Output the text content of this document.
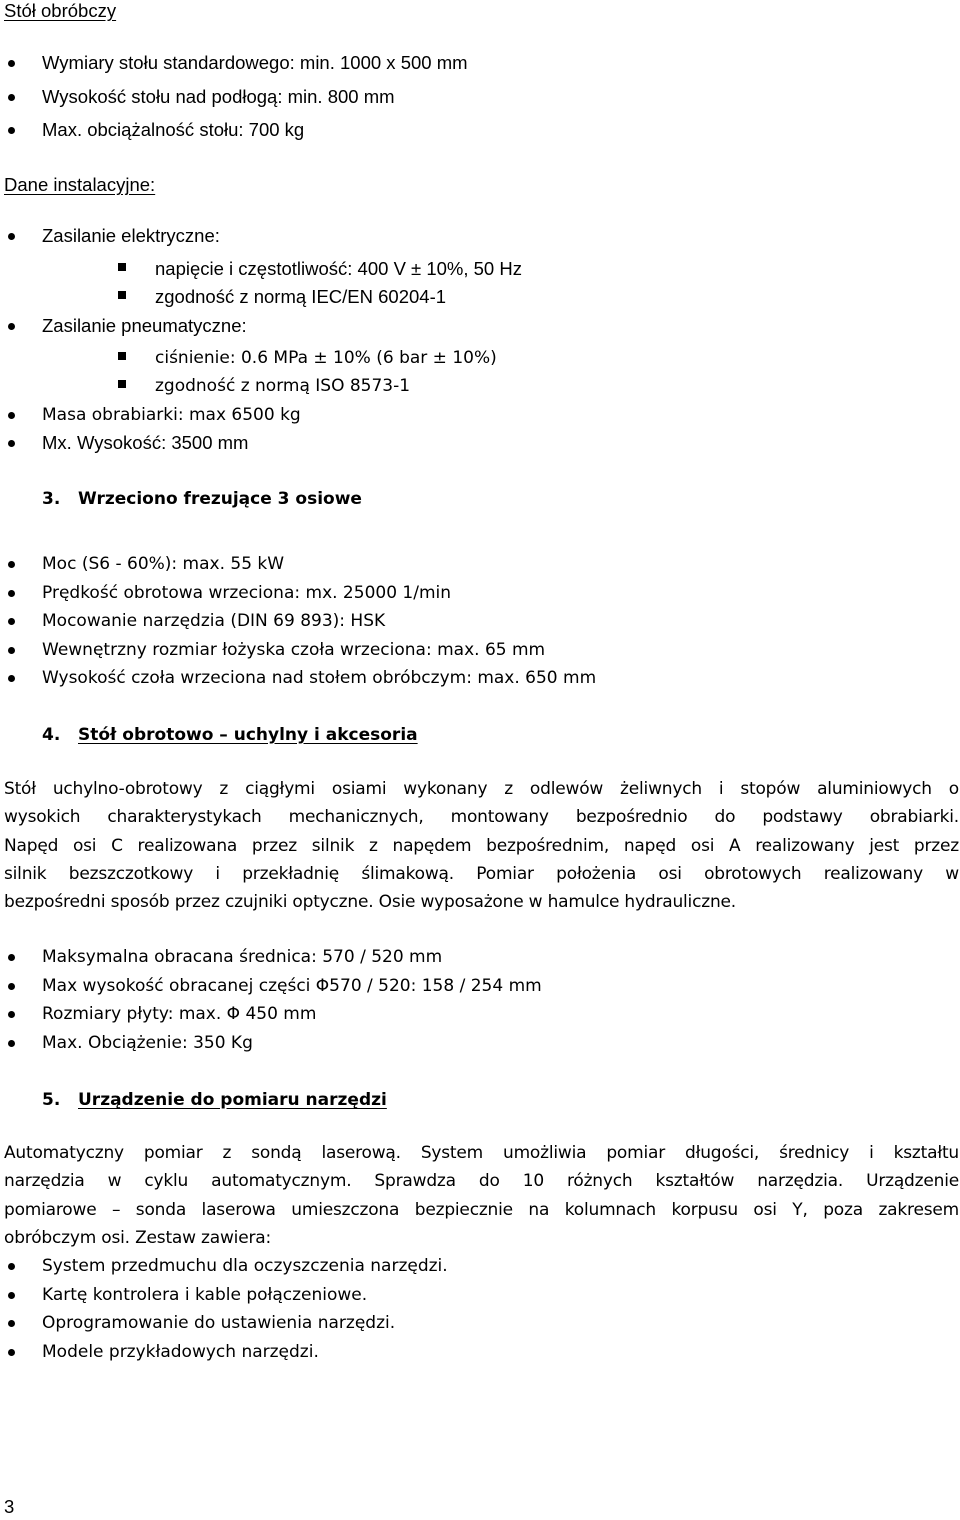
Stół obróbczy
Wymiary stołu standardowego: min. 1000 x 500 mm
Wysokość stołu nad podłogą: min. 800 mm
Max. obciążalność stołu: 700 kg
Dane instalacyjne:
Zasilanie elektryczne:
napięcie i częstotliwość: 400 V ± 10%, 50 Hz
zgodność z normą IEC/EN 60204-1
Zasilanie pneumatyczne:
ciśnienie: 0.6 MPa ± 10% (6 bar ± 10%)
zgodność z normą ISO 8573-1
Masa obrabiarki: max 6500 kg
Mx. Wysokość: 3500 mm
3. Wrzeciono frezujące 3 osiowe
Moc (S6 - 60%): max. 55 kW
Prędkość obrotowa wrzeciona: mx. 25000 1/min
Mocowanie narzędzia (DIN 69 893): HSK
Wewnętrzny rozmiar łożyska czoła wrzeciona: max. 65 mm
Wysokość czoła wrzeciona nad stołem obróbczym: max. 650 mm
4. Stół obrotowo – uchylny i akcesoria
Stół uchylno-obrotowy z ciągłymi osiami wykonany z odlewów żeliwnych i stopów aluminiowych o
wysokich charakterystykach mechanicznych, montowany bezpośrednio do podstawy obrabiarki.
Napęd osi C realizowana przez silnik z napędem bezpośrednim, napęd osi A realizowany jest przez
silnik bezszczotkowy i przekładnię ślimakową. Pomiar położenia osi obrotowych realizowany w
bezpośredni sposób przez czujniki optyczne. Osie wyposażone w hamulce hydrauliczne.
Maksymalna obracana średnica: 570 / 520 mm
Max wysokość obracanej części Φ570 / 520: 158 / 254 mm
Rozmiary płyty: max. Φ 450 mm
Max. Obciążenie: 350 Kg
5. Urządzenie do pomiaru narzędzi
Automatyczny pomiar z sondą laserową. System umożliwia pomiar długości, średnicy i kształtu
narzędzia w cyklu automatycznym. Sprawdza do 10 różnych kształtów narzędzia. Urządzenie
pomiarowe – sonda laserowa umieszczona bezpiecznie na kolumnach korpusu osi Y, poza zakresem
obróbczym osi. Zestaw zawiera:
System przedmuchu dla oczyszczenia narzędzi.
Kartę kontrolera i kable połączeniowe.
Oprogramowanie do ustawienia narzędzi.
Modele przykładowych narzędzi.
3
